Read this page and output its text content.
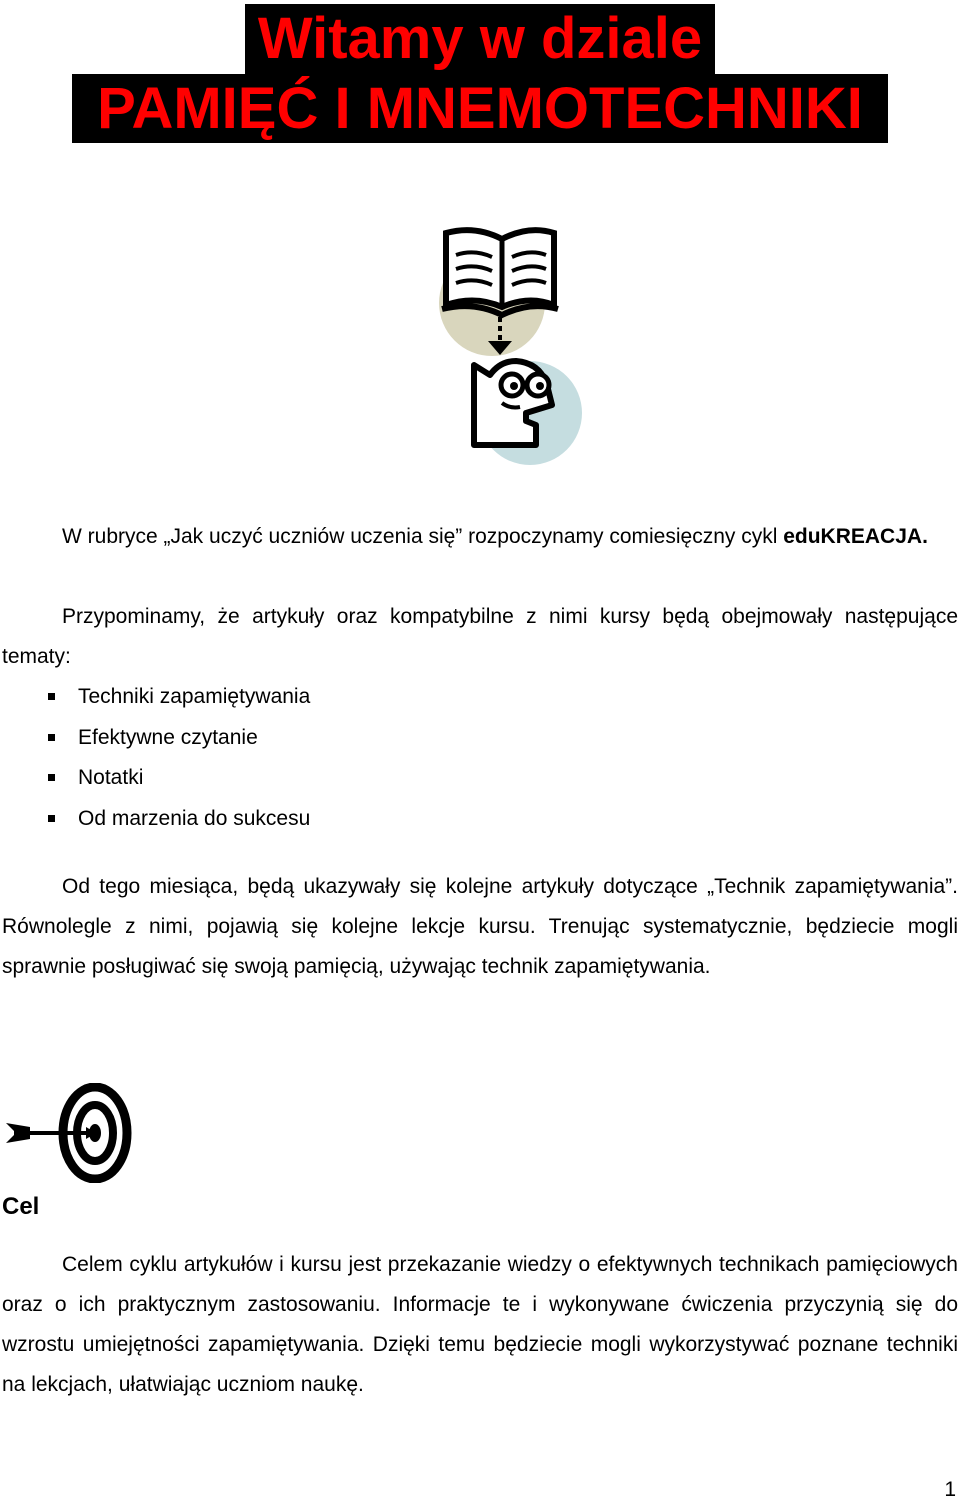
Witamy w dziale
PAMIĘĆ I MNEMOTECHNIKI

W rubryce „Jak uczyć uczniów uczenia się” rozpoczynamy comiesięczny cykl eduKREACJA.

Przypominamy, że artykuły oraz kompatybilne z nimi kursy będą obejmowały następujące tematy:

Techniki zapamiętywania
Efektywne czytanie
Notatki
Od marzenia do sukcesu

Od tego miesiąca, będą ukazywały się kolejne artykuły dotyczące „Technik zapamiętywania”. Równolegle z nimi, pojawią się kolejne lekcje kursu. Trenując systematycznie, będziecie mogli sprawnie posługiwać się swoją pamięcią, używając technik zapamiętywania.

Cel

Celem cyklu artykułów i kursu jest przekazanie wiedzy o efektywnych technikach pamięciowych oraz o ich praktycznym zastosowaniu. Informacje te i wykonywane ćwiczenia przyczynią się do wzrostu umiejętności zapamiętywania. Dzięki temu będziecie mogli wykorzystywać poznane techniki na lekcjach, ułatwiając uczniom naukę.

1
